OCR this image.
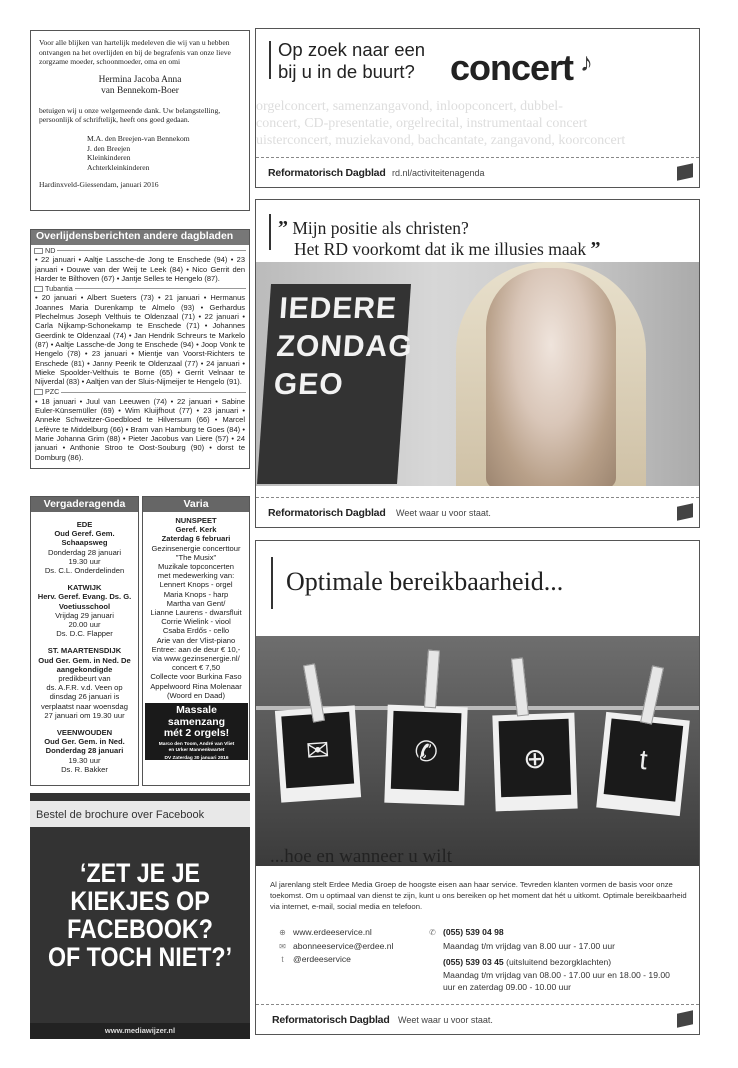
Voor alle blijken van hartelijk medeleven die wij van u hebben ontvangen na het overlijden en bij de begrafenis van onze lieve zorgzame moeder, schoonmoeder, oma en omi
Hermina Jacoba Anna
van Bennekom-Boer
betuigen wij u onze welgemeende dank. Uw belangstelling, persoonlijk of schriftelijk, heeft ons goed gedaan.
M.A. den Breejen-van Bennekom
J. den Breejen
Kleinkinderen
Achterkleinkinderen
Hardinxveld-Giessendam, januari 2016
Overlijdensberichten andere dagbladen
ND
• 22 januari • Aaltje Lassche-de Jong te Enschede (94) • 23 januari • Douwe van der Weij te Leek (84) • Nico Gerrit den Harder te Bilthoven (67) • Jantje Selles te Hengelo (87).
Tubantia
• 20 januari • Albert Sueters (73) • 21 januari • Hermanus Joannes Maria Durenkamp te Almelo (93) • Gerhardus Plechelmus Joseph Velthuis te Oldenzaal (71) • 22 januari • Carla Nijkamp-Schonekamp te Enschede (71) • Johannes Geerdink te Oldenzaal (74) • Jan Hendrik Schreurs te Markelo (87) • Aaltje Lassche-de Jong te Enschede (94) • Joop Vonk te Hengelo (78) • 23 januari • Mientje van Voorst-Richters te Enschede (81) • Janny Peerik te Oldenzaal (77) • 24 januari • Mieke Spoolder-Velthuis te Borne (65) • Gerrit Velnaar te Nijverdal (83) • Aaltjen van der Sluis-Nijmeijer te Hengelo (91).
PZC
• 18 januari • Juul van Leeuwen (74) • 22 januari • Sabine Euler-Künsemüller (69) • Wim Kluijfhout (77) • 23 januari • Anneke Schweitzer-Goedbloed te Hilversum (66) • Marcel Lefèvre te Middelburg (66) • Bram van Hamburg te Goes (84) • Marie Johanna Grim (88) • Pieter Jacobus van Liere (57) • 24 januari • Anthonie Stroo te Oost-Souburg (90) • dorst te Domburg (86).
Vergaderagenda
EDE
Oud Geref. Gem. Schaapsweg
Donderdag 28 januari
19.30 uur
Ds. C.L. Onderdelinden
KATWIJK
Herv. Geref. Evang. Ds. G. Voetiusschool
Vrijdag 29 januari
20.00 uur
Ds. D.C. Flapper
ST. MAARTENSDIJK
Oud Ger. Gem. in Ned. De aangekondigde
predikbeurt van
ds. A.F.R. v.d. Veen op
dinsdag 26 januari is
verplaatst naar woensdag
27 januari om 19.30 uur
VEENWOUDEN
Oud Ger. Gem. in Ned. Donderdag 28 januari
19.30 uur
Ds. R. Bakker
Varia
NUNSPEET
Geref. Kerk
Zaterdag 6 februari
Gezinsenergie concerttour
"The Musix"
Muzikale topconcerten
met medewerking van:
Lennert Knops - orgel
Maria Knops - harp
Martha van Gent/
Lianne Laurens - dwarsfluit
Corrie Wielink - viool
Csaba Erdős - cello
Arie van der Vlist-piano
Entree: aan de deur € 10,-
via www.gezinsenergie.nl/
concert € 7,50
Collecte voor Burkina Faso
Appelwoord Rina Molenaar
(Woord en Daad)
Massale
samenzang
mét 2 orgels!
Marco den Toom, André van Vliet
en Urker Mannenkwartet
DV Zaterdag 30 januari 2016
Oude Kerk Putten (19.30u)
Bestel de brochure over Facebook
‘ZET JE JE
KIEKJES OP
FACEBOOK?
OF TOCH NIET?’
www.mediawijzer.nl
Op zoek naar een
bij u in de buurt? concert ♪
orgelconcert, samenzangavond, inloopconcert, dubbel-
concert, CD-presentatie, orgelrecital, instrumentaal concert
uisterconcert, muziekavond, bachcantate, zangavond, koorconcert
Reformatorisch Dagblad rd.nl/activiteitenagenda
” Mijn positie als christen?
Het RD voorkomt dat ik me illusies maak ”
IEDERE ZONDAG GEO
Reformatorisch Dagblad Weet waar u voor staat.
Optimale bereikbaarheid...
✉	✆	⊕	t
...hoe en wanneer u wilt
Al jarenlang stelt Erdee Media Groep de hoogste eisen aan haar service. Tevreden klanten vormen de basis voor onze toekomst. Om u optimaal van dienst te zijn, kunt u ons bereiken op het moment dat hét u uitkomt. Optimale bereikbaarheid via internet, e-mail, social media en telefoon.
⊕ www.erdeeservice.nl
✉ abonneeservice@erdee.nl
t @erdeeservice
✆ (055) 539 04 98
Maandag t/m vrijdag van 8.00 uur - 17.00 uur
(055) 539 03 45 (uitsluitend bezorgklachten)
Maandag t/m vrijdag van 08.00 - 17.00 uur en 18.00 - 19.00
uur en zaterdag 09.00 - 10.00 uur
Reformatorisch Dagblad Weet waar u voor staat.
